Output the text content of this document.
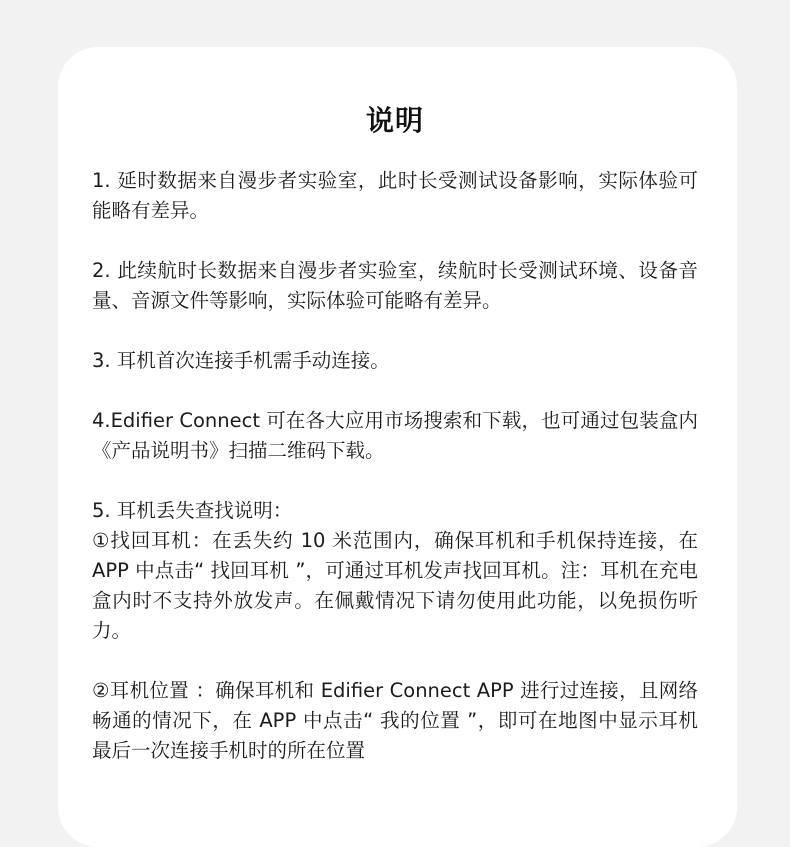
说明

1. 延时数据来自漫步者实验室，此时长受测试设备影响，实际体验可能略有差异。

2. 此续航时长数据来自漫步者实验室，续航时长受测试环境、设备音量、音源文件等影响，实际体验可能略有差异。

3. 耳机首次连接手机需手动连接。

4.Edifier Connect 可在各大应用市场搜索和下载，也可通过包装盒内《产品说明书》扫描二维码下载。

5. 耳机丢失查找说明：

①找回耳机：在丢失约 10 米范围内，确保耳机和手机保持连接，在 APP 中点击“ 找回耳机 ”，可通过耳机发声找回耳机。注：耳机在充电盒内时不支持外放发声。在佩戴情况下请勿使用此功能，以免损伤听力。

②耳机位置 ：确保耳机和 Edifier Connect APP 进行过连接，且网络畅通的情况下，在 APP 中点击“ 我的位置 ”，即可在地图中显示耳机最后一次连接手机时的所在位置
